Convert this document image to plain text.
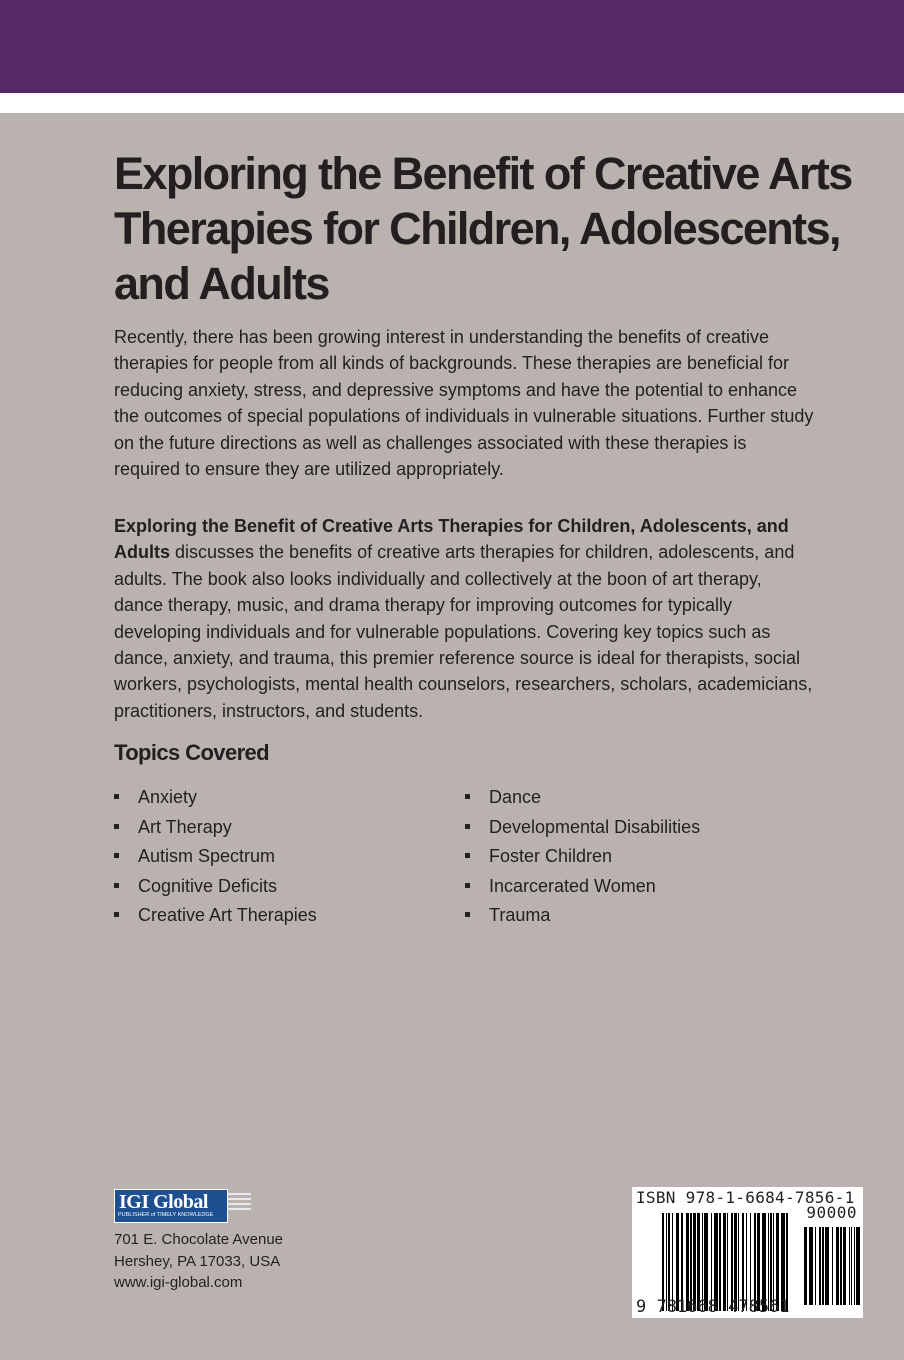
Exploring the Benefit of Creative Arts Therapies for Children, Adolescents, and Adults

Recently, there has been growing interest in understanding the benefits of creative therapies for people from all kinds of backgrounds. These therapies are beneficial for reducing anxiety, stress, and depressive symptoms and have the potential to enhance the outcomes of special populations of individuals in vulnerable situations. Further study on the future directions as well as challenges associated with these therapies is required to ensure they are utilized appropriately.

Exploring the Benefit of Creative Arts Therapies for Children, Adolescents, and Adults discusses the benefits of creative arts therapies for children, adolescents, and adults. The book also looks individually and collectively at the boon of art therapy, dance therapy, music, and drama therapy for improving outcomes for typically developing individuals and for vulnerable populations. Covering key topics such as dance, anxiety, and trauma, this premier reference source is ideal for therapists, social workers, psychologists, mental health counselors, researchers, scholars, academicians, practitioners, instructors, and students.

Topics Covered
Anxiety
Art Therapy
Autism Spectrum
Cognitive Deficits
Creative Art Therapies
Dance
Developmental Disabilities
Foster Children
Incarcerated Women
Trauma
IGI Global
PUBLISHER of TIMELY KNOWLEDGE
701 E. Chocolate Avenue
Hershey, PA 17033, USA
www.igi-global.com
ISBN 978-1-6684-7856-1
90000
9 781668 478561
